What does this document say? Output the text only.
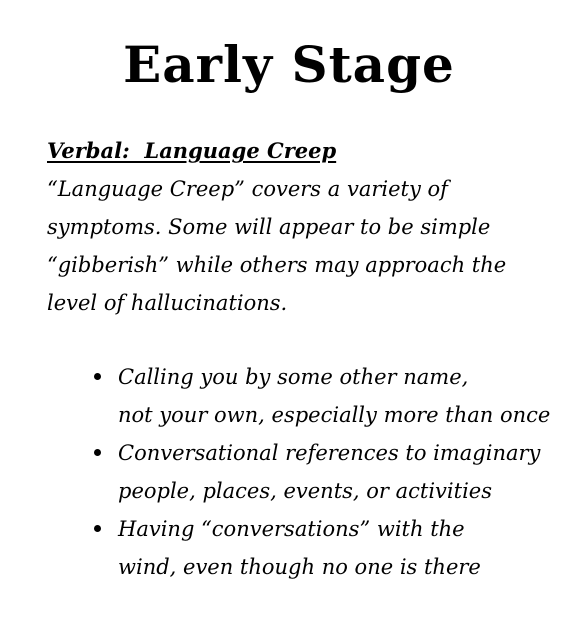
Early Stage
Verbal:  Language Creep

“Language Creep” covers a variety of
symptoms. Some will appear to be simple
“gibberish” while others may approach the
level of hallucinations.

Calling you by some other name,
not your own, especially more than once
Conversational references to imaginary
people, places, events, or activities
Having “conversations” with the
wind, even though no one is there
